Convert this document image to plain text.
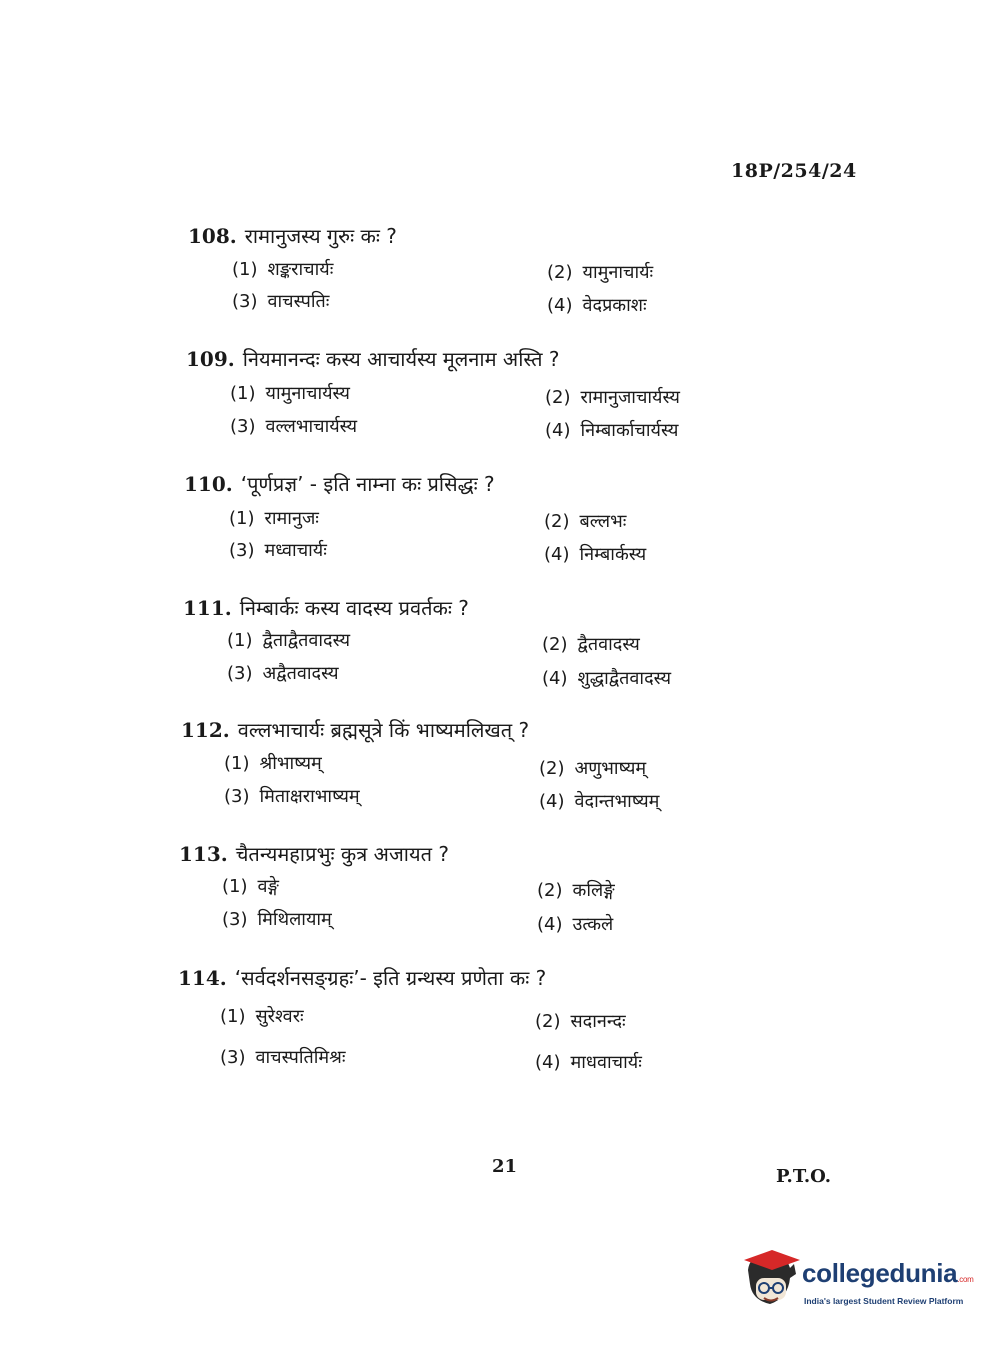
18P/254/24
108. रामानुजस्य गुरुः कः ?
(1) शङ्कराचार्यः	(2) यामुनाचार्यः
(3) वाचस्पतिः	(4) वेदप्रकाशः
109. नियमानन्दः कस्य आचार्यस्य मूलनाम अस्ति ?
(1) यामुनाचार्यस्य	(2) रामानुजाचार्यस्य
(3) वल्लभाचार्यस्य	(4) निम्बार्काचार्यस्य
110. ‘पूर्णप्रज्ञ’ - इति नाम्ना कः प्रसिद्धः ?
(1) रामानुजः	(2) बल्लभः
(3) मध्वाचार्यः	(4) निम्बार्कस्य
111. निम्बार्कः कस्य वादस्य प्रवर्तकः ?
(1) द्वैताद्वैतवादस्य	(2) द्वैतवादस्य
(3) अद्वैतवादस्य	(4) शुद्धाद्वैतवादस्य
112. वल्लभाचार्यः ब्रह्मसूत्रे किं भाष्यमलिखत् ?
(1) श्रीभाष्यम्	(2) अणुभाष्यम्
(3) मिताक्षराभाष्यम्	(4) वेदान्तभाष्यम्
113. चैतन्यमहाप्रभुः कुत्र अजायत ?
(1) वङ्गे	(2) कलिङ्गे
(3) मिथिलायाम्	(4) उत्कले
114. ‘सर्वदर्शनसङ्ग्रहः’- इति ग्रन्थस्य प्रणेता कः ?
(1) सुरेश्वरः	(2) सदानन्दः
(3) वाचस्पतिमिश्रः	(4) माधवाचार्यः
21	P.T.O.
collegedunia.com
India's largest Student Review Platform
